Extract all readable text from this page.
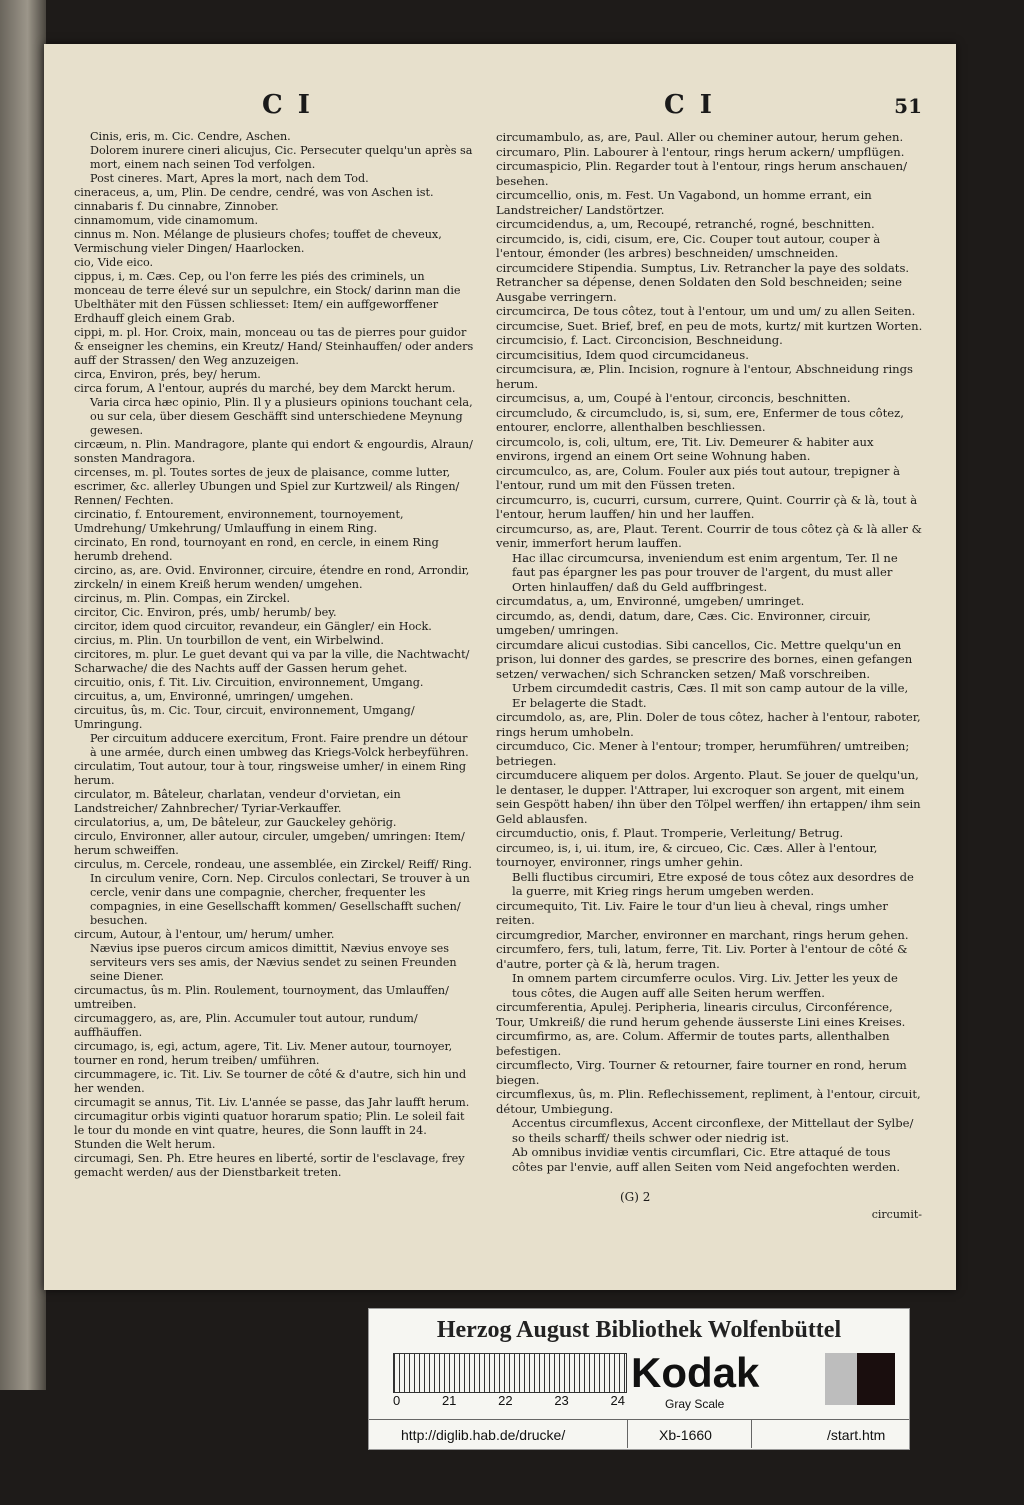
C I	C I	51

Cinis, eris, m. Cic. Cendre, Aschen.

Dolorem inurere cineri alicujus, Cic. Persecuter quelqu'un après sa mort, einem nach seinen Tod verfolgen.

Post cineres. Mart, Apres la mort, nach dem Tod.

cineraceus, a, um, Plin. De cendre, cendré, was von Aschen ist.

cinnabaris f. Du cinnabre, Zinnober.

cinnamomum, vide cinamomum.

cinnus m. Non. Mélange de plusieurs chofes; touffet de cheveux, Vermischung vieler Dingen/ Haarlocken.

cio, Vide eico.

cippus, i, m. Cæs. Cep, ou l'on ferre les piés des criminels, un monceau de terre élevé sur un sepulchre, ein Stock/ darinn man die Ubelthäter mit den Füssen schliesset: Item/ ein auffgeworffener Erdhauff gleich einem Grab.

cippi, m. pl. Hor. Croix, main, monceau ou tas de pierres pour guidor & enseigner les chemins, ein Kreutz/ Hand/ Steinhauffen/ oder anders auff der Strassen/ den Weg anzuzeigen.

circa, Environ, prés, bey/ herum.

circa forum, A l'entour, auprés du marché, bey dem Marckt herum.

Varia circa hæc opinio, Plin. Il y a plusieurs opinions touchant cela, ou sur cela, über diesem Geschäfft sind unterschiedene Meynung gewesen.

circæum, n. Plin. Mandragore, plante qui endort & engourdis, Alraun/ sonsten Mandragora.

circenses, m. pl. Toutes sortes de jeux de plaisance, comme lutter, escrimer, &c. allerley Ubungen und Spiel zur Kurtzweil/ als Ringen/ Rennen/ Fechten.

circinatio, f. Entourement, environnement, tournoyement, Umdrehung/ Umkehrung/ Umlauffung in einem Ring.

circinato, En rond, tournoyant en rond, en cercle, in einem Ring herumb drehend.

circino, as, are. Ovid. Environner, circuire, étendre en rond, Arrondir, zirckeln/ in einem Kreiß herum wenden/ umgehen.

circinus, m. Plin. Compas, ein Zirckel.

circitor, Cic. Environ, prés, umb/ herumb/ bey.

circitor, idem quod circuitor, revandeur, ein Gängler/ ein Hock.

circius, m. Plin. Un tourbillon de vent, ein Wirbelwind.

circitores, m. plur. Le guet devant qui va par la ville, die Nachtwacht/ Scharwache/ die des Nachts auff der Gassen herum gehet.

circuitio, onis, f. Tit. Liv. Circuition, environnement, Umgang.

circuitus, a, um, Environné, umringen/ umgehen.

circuitus, ûs, m. Cic. Tour, circuit, environnement, Umgang/ Umringung.

Per circuitum adducere exercitum, Front. Faire prendre un détour à une armée, durch einen umbweg das Kriegs-Volck herbeyführen.

circulatim, Tout autour, tour à tour, ringsweise umher/ in einem Ring herum.

circulator, m. Bâteleur, charlatan, vendeur d'orvietan, ein Landstreicher/ Zahnbrecher/ Tyriar-Verkauffer.

circulatorius, a, um, De bâteleur, zur Gauckeley gehörig.

circulo, Environner, aller autour, circuler, umgeben/ umringen: Item/ herum schweiffen.

circulus, m. Cercele, rondeau, une assemblée, ein Zirckel/ Reiff/ Ring.

In circulum venire, Corn. Nep. Circulos conlectari, Se trouver à un cercle, venir dans une compagnie, chercher, frequenter les compagnies, in eine Gesellschafft kommen/ Gesellschafft suchen/ besuchen.

circum, Autour, à l'entour, um/ herum/ umher.

Nævius ipse pueros circum amicos dimittit, Nævius envoye ses serviteurs vers ses amis, der Nævius sendet zu seinen Freunden seine Diener.

circumactus, ûs m. Plin. Roulement, tournoyment, das Umlauffen/ umtreiben.

circumaggero, as, are, Plin. Accumuler tout autour, rundum/ auffhäuffen.

circumago, is, egi, actum, agere, Tit. Liv. Mener autour, tournoyer, tourner en rond, herum treiben/ umführen.

circummagere, ic. Tit. Liv. Se tourner de côté & d'autre, sich hin und her wenden.

circumagit se annus, Tit. Liv. L'année se passe, das Jahr laufft herum.

circumagitur orbis viginti quatuor horarum spatio; Plin. Le soleil fait le tour du monde en vint quatre, heures, die Sonn laufft in 24. Stunden die Welt herum.

circumagi, Sen. Ph. Etre heures en liberté, sortir de l'esclavage, frey gemacht werden/ aus der Dienstbarkeit treten.

circumambulo, as, are, Paul. Aller ou cheminer autour, herum gehen.

circumaro, Plin. Labourer à l'entour, rings herum ackern/ umpflügen.

circumaspicio, Plin. Regarder tout à l'entour, rings herum anschauen/ besehen.

circumcellio, onis, m. Fest. Un Vagabond, un homme errant, ein Landstreicher/ Landstörtzer.

circumcidendus, a, um, Recoupé, retranché, rogné, beschnitten.

circumcido, is, cidi, cisum, ere, Cic. Couper tout autour, couper à l'entour, émonder (les arbres) beschneiden/ umschneiden.

circumcidere Stipendia. Sumptus, Liv. Retrancher la paye des soldats. Retrancher sa dépense, denen Soldaten den Sold beschneiden; seine Ausgabe verringern.

circumcirca, De tous côtez, tout à l'entour, um und um/ zu allen Seiten.

circumcise, Suet. Brief, bref, en peu de mots, kurtz/ mit kurtzen Worten.

circumcisio, f. Lact. Circoncision, Beschneidung.

circumcisitius, Idem quod circumcidaneus.

circumcisura, æ, Plin. Incision, rognure à l'entour, Abschneidung rings herum.

circumcisus, a, um, Coupé à l'entour, circoncis, beschnitten.

circumcludo, & circumcludo, is, si, sum, ere, Enfermer de tous côtez, entourer, enclorre, allenthalben beschliessen.

circumcolo, is, coli, ultum, ere, Tit. Liv. Demeurer & habiter aux environs, irgend an einem Ort seine Wohnung haben.

circumculco, as, are, Colum. Fouler aux piés tout autour, trepigner à l'entour, rund um mit den Füssen treten.

circumcurro, is, cucurri, cursum, currere, Quint. Courrir çà & là, tout à l'entour, herum lauffen/ hin und her lauffen.

circumcurso, as, are, Plaut. Terent. Courrir de tous côtez çà & là aller & venir, immerfort herum lauffen.

Hac illac circumcursa, inveniendum est enim argentum, Ter. Il ne faut pas épargner les pas pour trouver de l'argent, du must aller Orten hinlauffen/ daß du Geld auffbringest.

circumdatus, a, um, Environné, umgeben/ umringet.

circumdo, as, dendi, datum, dare, Cæs. Cic. Environner, circuir, umgeben/ umringen.

circumdare alicui custodias. Sibi cancellos, Cic. Mettre quelqu'un en prison, lui donner des gardes, se prescrire des bornes, einen gefangen setzen/ verwachen/ sich Schrancken setzen/ Maß vorschreiben.

Urbem circumdedit castris, Cæs. Il mit son camp autour de la ville, Er belagerte die Stadt.

circumdolo, as, are, Plin. Doler de tous côtez, hacher à l'entour, raboter, rings herum umhobeln.

circumduco, Cic. Mener à l'entour; tromper, herumführen/ umtreiben; betriegen.

circumducere aliquem per dolos. Argento. Plaut. Se jouer de quelqu'un, le dentaser, le dupper. l'Attraper, lui excroquer son argent, mit einem sein Gespött haben/ ihn über den Tölpel werffen/ ihn ertappen/ ihm sein Geld ablausfen.

circumductio, onis, f. Plaut. Tromperie, Verleitung/ Betrug.

circumeo, is, i, ui. itum, ire, & circueo, Cic. Cæs. Aller à l'entour, tournoyer, environner, rings umher gehin.

Belli fluctibus circumiri, Etre exposé de tous côtez aux desordres de la guerre, mit Krieg rings herum umgeben werden.

circumequito, Tit. Liv. Faire le tour d'un lieu à cheval, rings umher reiten.

circumgredior, Marcher, environner en marchant, rings herum gehen.

circumfero, fers, tuli, latum, ferre, Tit. Liv. Porter à l'entour de côté & d'autre, porter çà & là, herum tragen.

In omnem partem circumferre oculos. Virg. Liv. Jetter les yeux de tous côtes, die Augen auff alle Seiten herum werffen.

circumferentia, Apulej. Peripheria, linearis circulus, Circonférence, Tour, Umkreiß/ die rund herum gehende äusserste Lini eines Kreises.

circumfirmo, as, are. Colum. Affermir de toutes parts, allenthalben befestigen.

circumflecto, Virg. Tourner & retourner, faire tourner en rond, herum biegen.

circumflexus, ûs, m. Plin. Reflechissement, repliment, à l'entour, circuit, détour, Umbiegung.

Accentus circumflexus, Accent circonflexe, der Mittellaut der Sylbe/ so theils scharff/ theils schwer oder niedrig ist.

Ab omnibus invidiæ ventis circumflari, Cic. Etre attaqué de tous côtes par l'envie, auff allen Seiten vom Neid angefochten werden.

(G) 2
circumit-
Herzog August Bibliothek Wolfenbüttel
0	21	22	23	24
Kodak
Gray Scale
http://diglib.hab.de/drucke/	Xb-1660	/start.htm
